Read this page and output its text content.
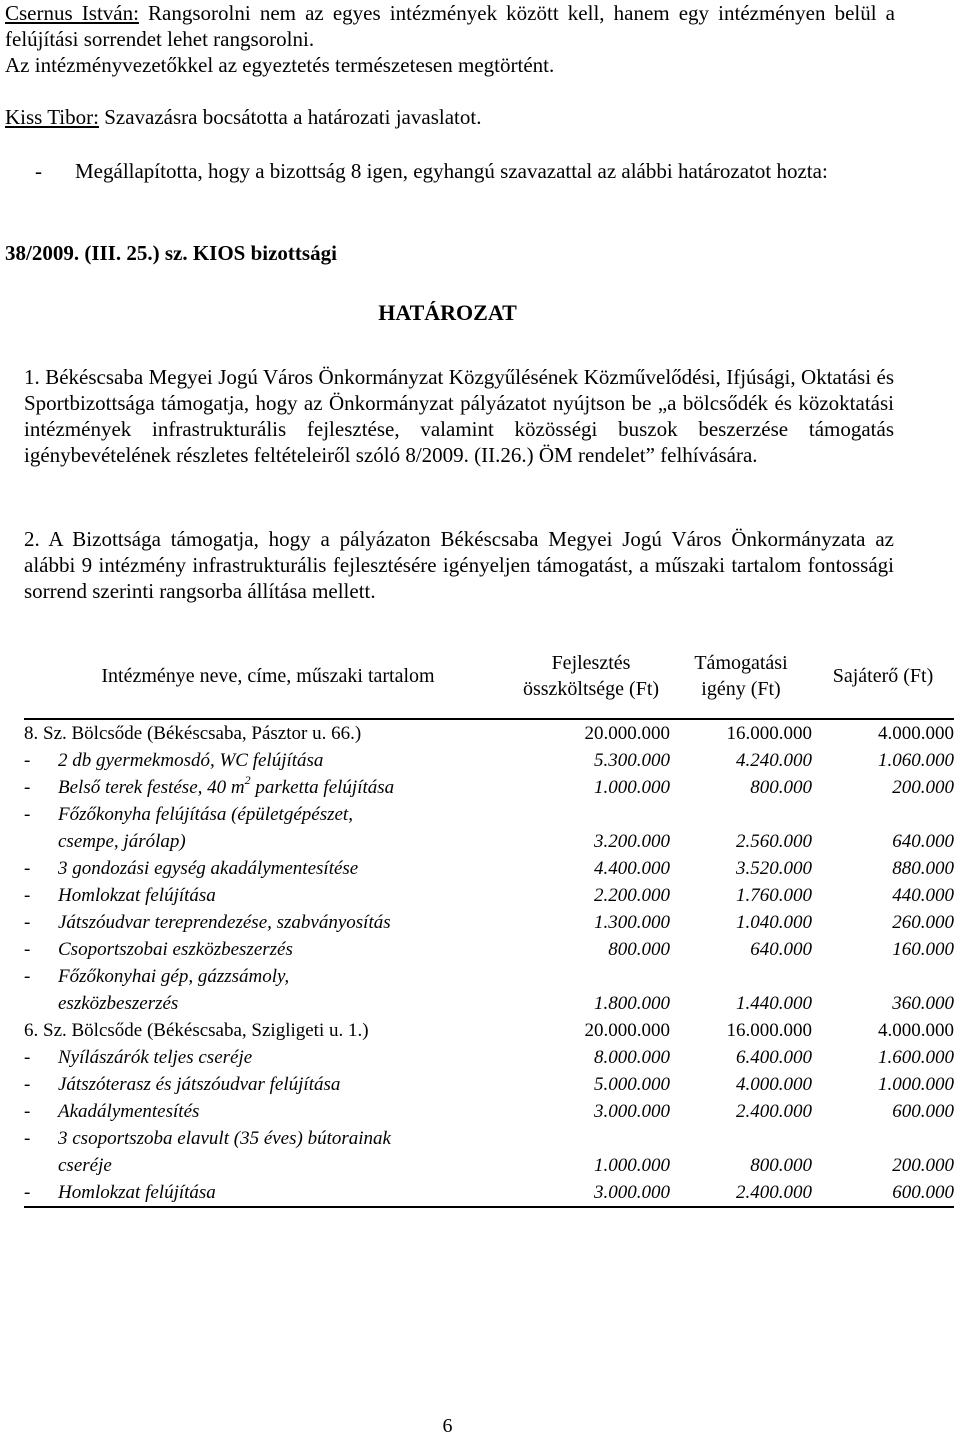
Csernus István: Rangsorolni nem az egyes intézmények között kell, hanem egy intézményen belül a felújítási sorrendet lehet rangsorolni.
Az intézményvezetőkkel az egyeztetés természetesen megtörtént.
Kiss Tibor: Szavazásra bocsátotta a határozati javaslatot.
-	Megállapította, hogy a bizottság 8 igen, egyhangú szavazattal az alábbi határozatot hozta:
38/2009. (III. 25.) sz. KIOS bizottsági
HATÁROZAT
1. Békéscsaba Megyei Jogú Város Önkormányzat Közgyűlésének Közművelődési, Ifjúsági, Oktatási és Sportbizottsága támogatja, hogy az Önkormányzat pályázatot nyújtson be „a bölcsődék és közoktatási intézmények infrastrukturális fejlesztése, valamint közösségi buszok beszerzése támogatás igénybevételének részletes feltételeiről szóló 8/2009. (II.26.) ÖM rendelet” felhívására.
2. A Bizottsága támogatja, hogy a pályázaton Békéscsaba Megyei Jogú Város Önkormányzata az alábbi 9 intézmény infrastrukturális fejlesztésére igényeljen támogatást, a műszaki tartalom fontossági sorrend szerinti rangsorba állítása mellett.
Intézménye neve, címe, műszaki tartalom	Fejlesztés összköltsége (Ft)	Támogatási igény (Ft)	Sajáterő (Ft)
8. Sz. Bölcsőde (Békéscsaba, Pásztor u. 66.)	20.000.000	16.000.000	4.000.000

- 2 db gyermekmosdó, WC felújítása	5.300.000	4.240.000	1.060.000

- Belső terek festése, 40 $m^2$ parketta felújítása	1.000.000	800.000	200.000

- Főzőkonyha felújítása (épületgépészet,
csempe, járólap)	3.200.000	2.560.000	640.000

- 3 gondozási egység akadálymentesítése	4.400.000	3.520.000	880.000

- Homlokzat felújítása	2.200.000	1.760.000	440.000

- Játszóudvar tereprendezése, szabványosítás	1.300.000	1.040.000	260.000

- Csoportszobai eszközbeszerzés	800.000	640.000	160.000

- Főzőkonyhai gép, gázzsámoly,
eszközbeszerzés	1.800.000	1.440.000	360.000
6. Sz. Bölcsőde (Békéscsaba, Szigligeti u. 1.)	20.000.000	16.000.000	4.000.000

- Nyílászárók teljes cseréje	8.000.000	6.400.000	1.600.000

- Játszóterasz és játszóudvar felújítása	5.000.000	4.000.000	1.000.000

- Akadálymentesítés	3.000.000	2.400.000	600.000

- 3 csoportszoba elavult (35 éves) bútorainak
cseréje	1.000.000	800.000	200.000

- Homlokzat felújítása	3.000.000	2.400.000	600.000
6
